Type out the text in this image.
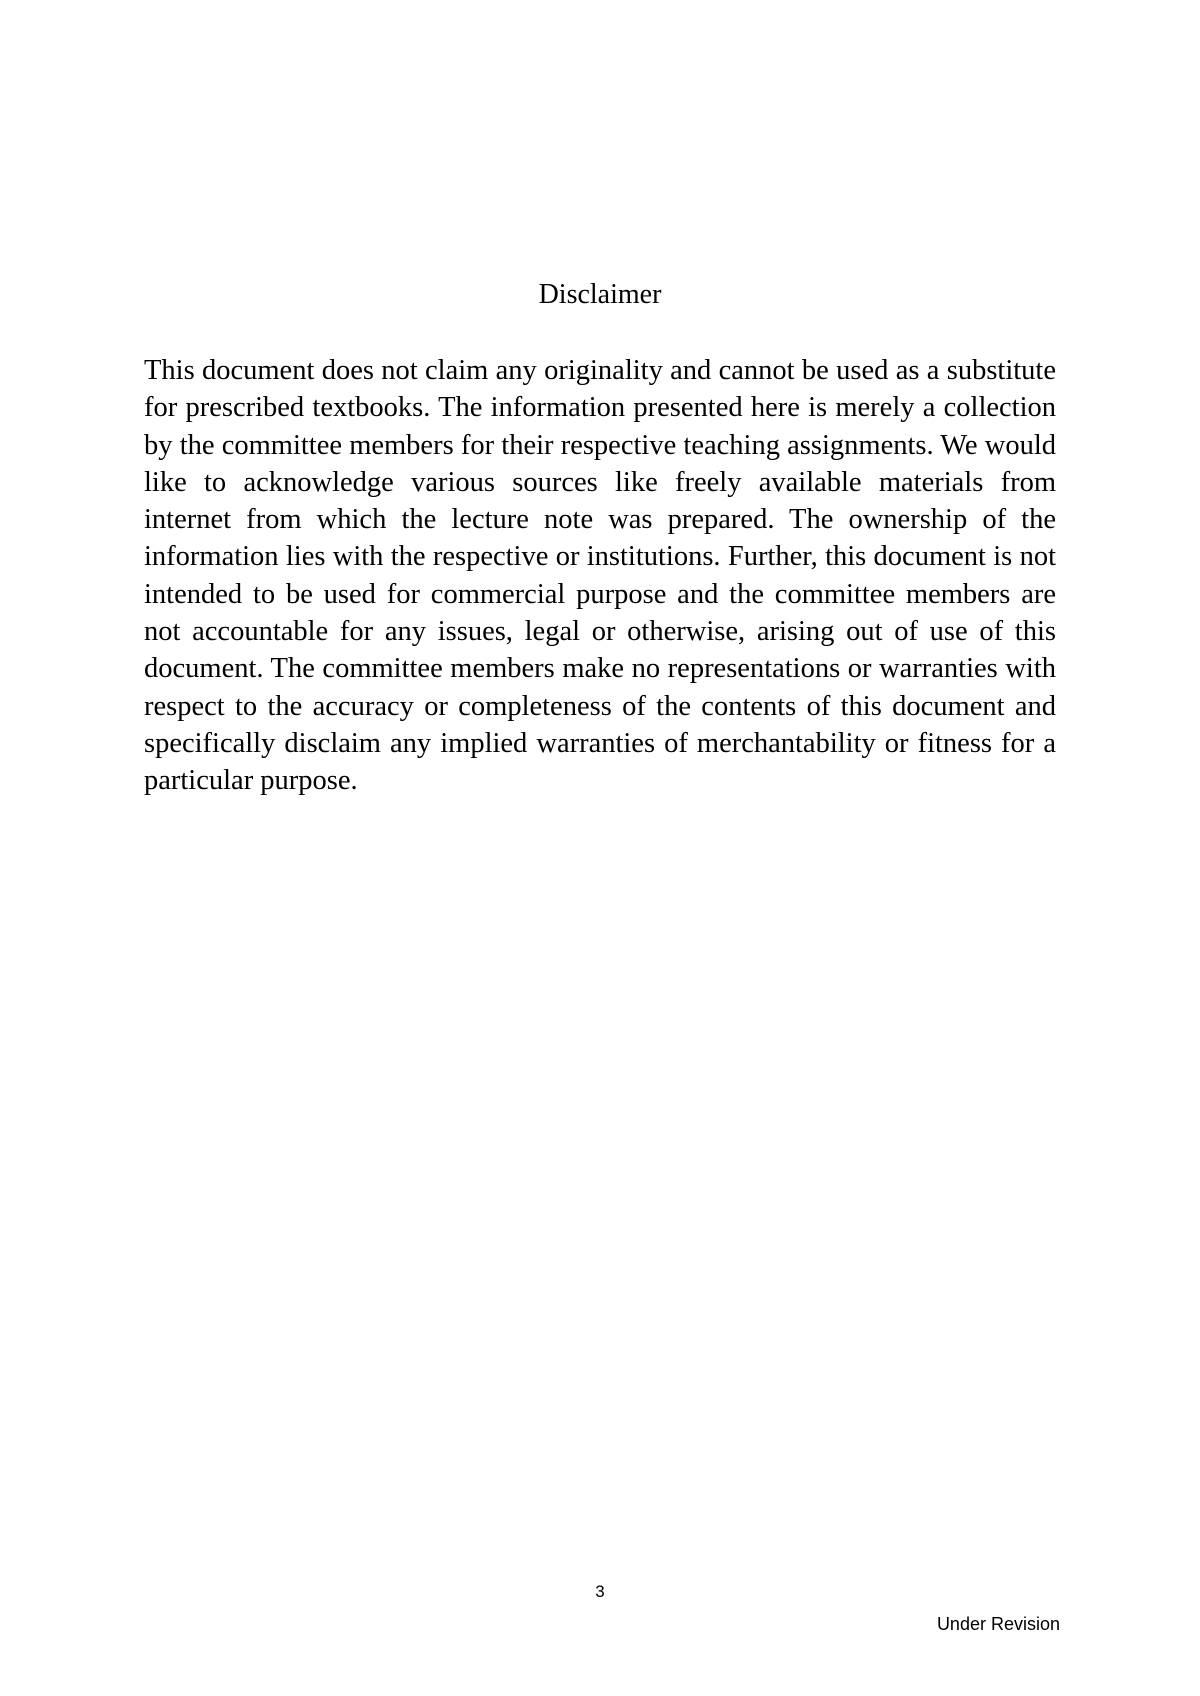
Disclaimer

This document does not claim any originality and cannot be used as a substitute for prescribed textbooks. The information presented here is merely a collection by the committee members for their respective teaching assignments. We would like to acknowledge various sources like freely available materials from internet from which the lecture note was prepared. The ownership of the information lies with the respective or institutions. Further, this document is not intended to be used for commercial purpose and the committee members are not accountable for any issues, legal or otherwise, arising out of use of this document. The committee members make no representations or warranties with respect to the accuracy or completeness of the contents of this document and specifically disclaim any implied warranties of merchantability or fitness for a particular purpose.

3
Under Revision
